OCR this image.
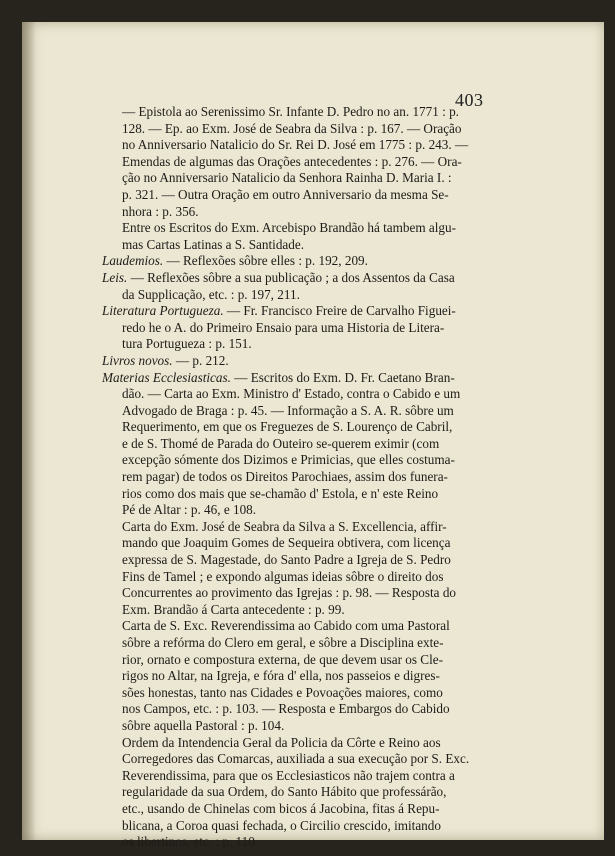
403
— Epistola ao Serenissimo Sr. Infante D. Pedro no an. 1771 : p.
128. — Ep. ao Exm. José de Seabra da Silva : p. 167. — Oração
no Anniversario Natalicio do Sr. Rei D. José em 1775 : p. 243. —
Emendas de algumas das Orações antecedentes : p. 276. — Ora-
ção no Anniversario Natalicio da Senhora Rainha D. Maria I. :
p. 321. — Outra Oração em outro Anniversario da mesma Se-
nhora : p. 356.
Entre os Escritos do Exm. Arcebispo Brandão há tambem algu-
mas Cartas Latinas a S. Santidade.
Laudemios. — Reflexões sôbre elles : p. 192, 209.
Leis. — Reflexões sôbre a sua publicação ; a dos Assentos da Casa
da Supplicação, etc. : p. 197, 211.
Literatura Portugueza. — Fr. Francisco Freire de Carvalho Figuei-
redo he o A. do Primeiro Ensaio para uma Historia de Litera-
tura Portugueza : p. 151.
Livros novos. — p. 212.
Materias Ecclesiasticas. — Escritos do Exm. D. Fr. Caetano Bran-
dão. — Carta ao Exm. Ministro d' Estado, contra o Cabido e um
Advogado de Braga : p. 45. — Informação a S. A. R. sôbre um
Requerimento, em que os Freguezes de S. Lourenço de Cabril,
e de S. Thomé de Parada do Outeiro se-querem eximir (com
excepção sómente dos Dizimos e Primicias, que elles costuma-
rem pagar) de todos os Direitos Parochiaes, assim dos funera-
rios como dos mais que se-chamão d' Estola, e n' este Reino
Pé de Altar : p. 46, e 108.
Carta do Exm. José de Seabra da Silva a S. Excellencia, affir-
mando que Joaquim Gomes de Sequeira obtivera, com licença
expressa de S. Magestade, do Santo Padre a Igreja de S. Pedro
Fins de Tamel ; e expondo algumas ideias sôbre o direito dos
Concurrentes ao provimento das Igrejas : p. 98. — Resposta do
Exm. Brandão á Carta antecedente : p. 99.
Carta de S. Exc. Reverendissima ao Cabido com uma Pastoral
sôbre a refórma do Clero em geral, e sôbre a Disciplina exte-
rior, ornato e compostura externa, de que devem usar os Cle-
rigos no Altar, na Igreja, e fóra d' ella, nos passeios e digres-
sões honestas, tanto nas Cidades e Povoações maiores, como
nos Campos, etc. : p. 103. — Resposta e Embargos do Cabido
sôbre aquella Pastoral : p. 104.
Ordem da Intendencia Geral da Policia da Côrte e Reino aos
Corregedores das Comarcas, auxiliada a sua execução por S. Exc.
Reverendissima, para que os Ecclesiasticos não trajem contra a
regularidade da sua Ordem, do Santo Hábito que professárão,
etc., usando de Chinelas com bicos á Jacobina, fitas á Repu-
blicana, a Coroa quasi fechada, o Circilio crescido, imitando
os libertinos, etc. : p. 110.
